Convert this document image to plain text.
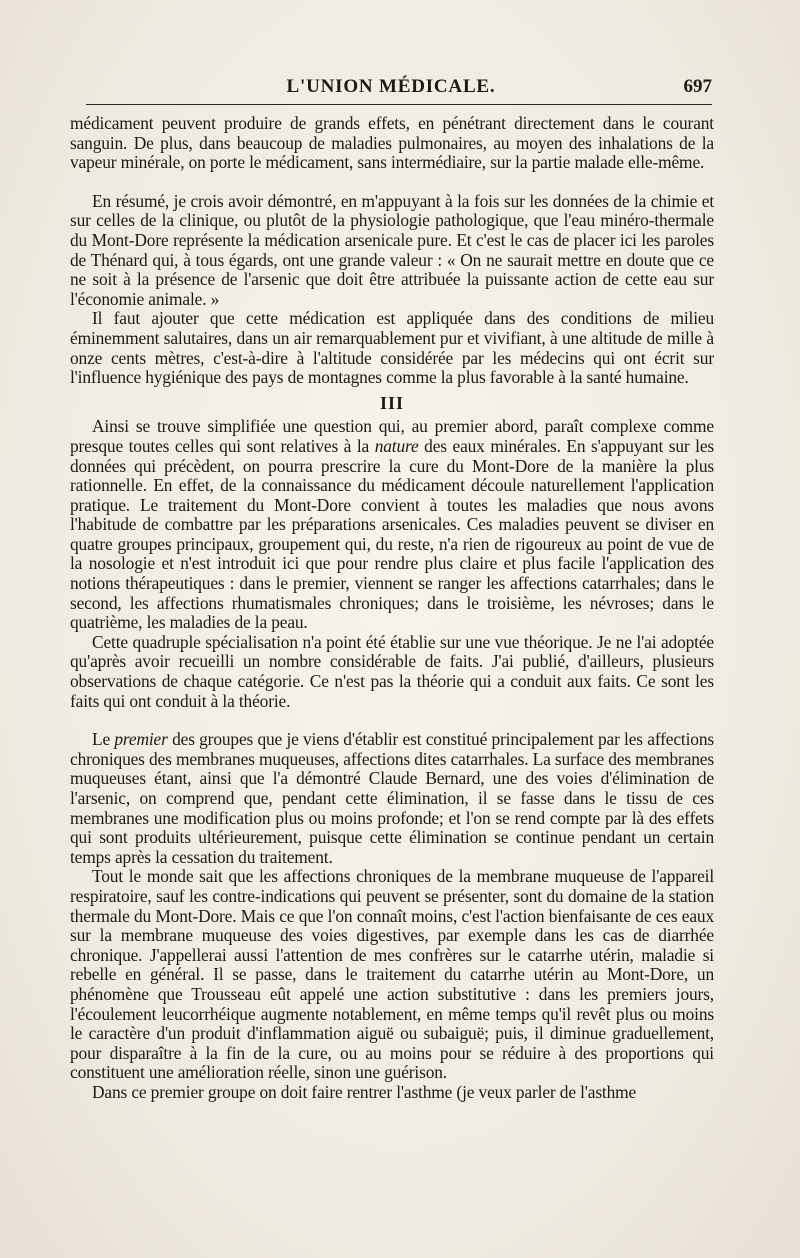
L'UNION MÉDICALE.	697

médicament peuvent produire de grands effets, en pénétrant directement dans le courant sanguin. De plus, dans beaucoup de maladies pulmonaires, au moyen des inhalations de la vapeur minérale, on porte le médicament, sans intermédiaire, sur la partie malade elle-même.

En résumé, je crois avoir démontré, en m'appuyant à la fois sur les données de la chimie et sur celles de la clinique, ou plutôt de la physiologie pathologique, que l'eau minéro-thermale du Mont-Dore représente la médication arsenicale pure. Et c'est le cas de placer ici les paroles de Thénard qui, à tous égards, ont une grande valeur : « On ne saurait mettre en doute que ce ne soit à la présence de l'arsenic que doit être attribuée la puissante action de cette eau sur l'économie animale. »

Il faut ajouter que cette médication est appliquée dans des conditions de milieu éminemment salutaires, dans un air remarquablement pur et vivifiant, à une altitude de mille à onze cents mètres, c'est-à-dire à l'altitude considérée par les médecins qui ont écrit sur l'influence hygiénique des pays de montagnes comme la plus favorable à la santé humaine.

III

Ainsi se trouve simplifiée une question qui, au premier abord, paraît complexe comme presque toutes celles qui sont relatives à la nature des eaux minérales. En s'appuyant sur les données qui précèdent, on pourra prescrire la cure du Mont-Dore de la manière la plus rationnelle. En effet, de la connaissance du médicament découle naturellement l'application pratique. Le traitement du Mont-Dore convient à toutes les maladies que nous avons l'habitude de combattre par les préparations arsenicales. Ces maladies peuvent se diviser en quatre groupes principaux, groupement qui, du reste, n'a rien de rigoureux au point de vue de la nosologie et n'est introduit ici que pour rendre plus claire et plus facile l'application des notions thérapeutiques : dans le premier, viennent se ranger les affections catarrhales; dans le second, les affections rhumatismales chroniques; dans le troisième, les névroses; dans le quatrième, les maladies de la peau.

Cette quadruple spécialisation n'a point été établie sur une vue théorique. Je ne l'ai adoptée qu'après avoir recueilli un nombre considérable de faits. J'ai publié, d'ailleurs, plusieurs observations de chaque catégorie. Ce n'est pas la théorie qui a conduit aux faits. Ce sont les faits qui ont conduit à la théorie.

Le premier des groupes que je viens d'établir est constitué principalement par les affections chroniques des membranes muqueuses, affections dites catarrhales. La surface des membranes muqueuses étant, ainsi que l'a démontré Claude Bernard, une des voies d'élimination de l'arsenic, on comprend que, pendant cette élimination, il se fasse dans le tissu de ces membranes une modification plus ou moins profonde; et l'on se rend compte par là des effets qui sont produits ultérieurement, puisque cette élimination se continue pendant un certain temps après la cessation du traitement.

Tout le monde sait que les affections chroniques de la membrane muqueuse de l'appareil respiratoire, sauf les contre-indications qui peuvent se présenter, sont du domaine de la station thermale du Mont-Dore. Mais ce que l'on connaît moins, c'est l'action bienfaisante de ces eaux sur la membrane muqueuse des voies digestives, par exemple dans les cas de diarrhée chronique. J'appellerai aussi l'attention de mes confrères sur le catarrhe utérin, maladie si rebelle en général. Il se passe, dans le traitement du catarrhe utérin au Mont-Dore, un phénomène que Trousseau eût appelé une action substitutive : dans les premiers jours, l'écoulement leucorrhéique augmente notablement, en même temps qu'il revêt plus ou moins le caractère d'un produit d'inflammation aiguë ou subaiguë; puis, il diminue graduellement, pour disparaître à la fin de la cure, ou au moins pour se réduire à des proportions qui constituent une amélioration réelle, sinon une guérison.

Dans ce premier groupe on doit faire rentrer l'asthme (je veux parler de l'asthme
